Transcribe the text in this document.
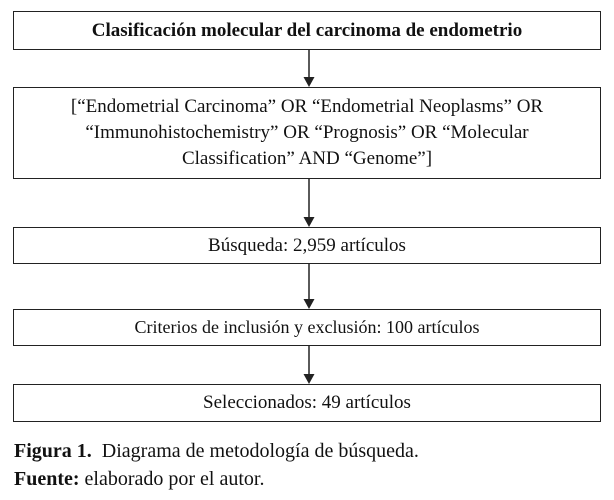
Clasificación molecular del carcinoma de endometrio
[“Endometrial Carcinoma” OR “Endometrial Neoplasms” OR
“Immunohistochemistry” OR “Prognosis” OR “Molecular
Classification” AND “Genome”]
Búsqueda: 2,959 artículos
Criterios de inclusión y exclusión: 100 artículos
Seleccionados: 49 artículos
Figura 1. Diagrama de metodología de búsqueda.
Fuente: elaborado por el autor.
